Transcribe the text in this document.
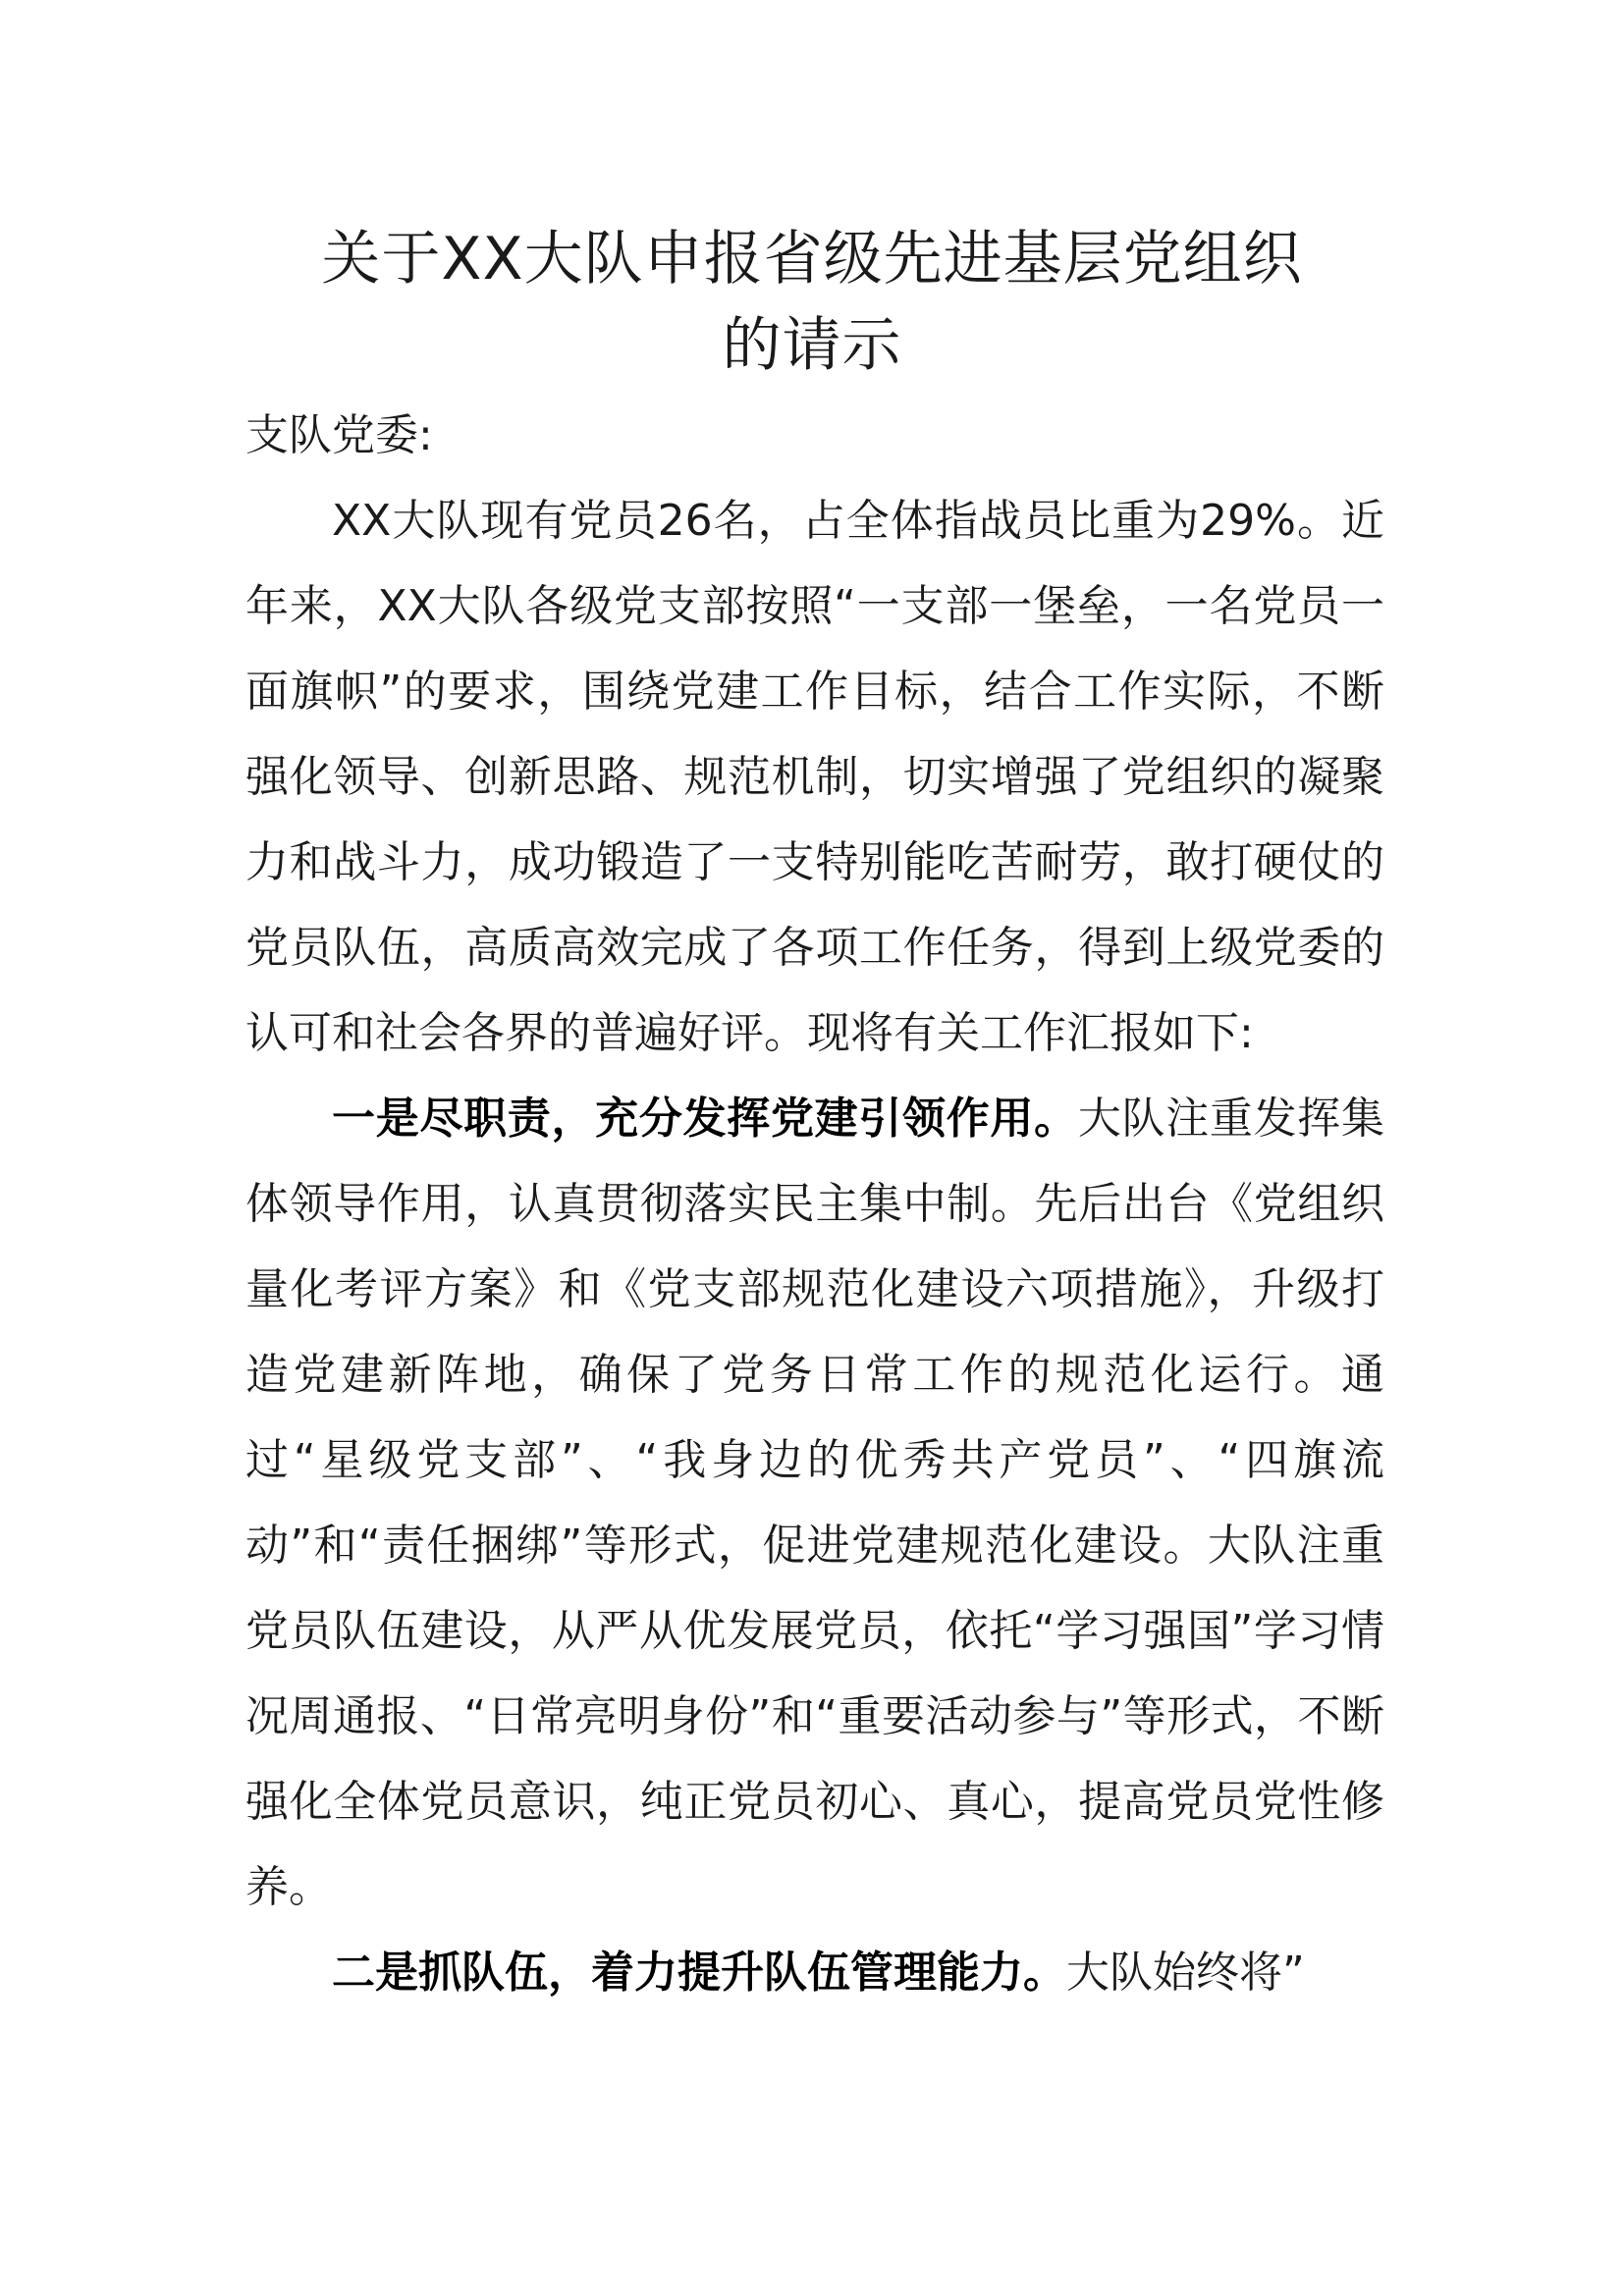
关于XX大队申报省级先进基层党组织
的请示

支队党委:

XX大队现有党员26名，占全体指战员比重为29%。近年来，XX大队各级党支部按照“一支部一堡垒，一名党员一面旗帜”的要求，围绕党建工作目标，结合工作实际，不断强化领导、创新思路、规范机制，切实增强了党组织的凝聚力和战斗力，成功锻造了一支特别能吃苦耐劳，敢打硬仗的党员队伍，高质高效完成了各项工作任务，得到上级党委的认可和社会各界的普遍好评。现将有关工作汇报如下:

一是尽职责，充分发挥党建引领作用。大队注重发挥集体领导作用，认真贯彻落实民主集中制。先后出台《党组织量化考评方案》和《党支部规范化建设六项措施》，升级打造党建新阵地，确保了党务日常工作的规范化运行。通过“星级党支部”、“我身边的优秀共产党员”、“四旗流动”和“责任捆绑”等形式，促进党建规范化建设。大队注重党员队伍建设，从严从优发展党员，依托“学习强国”学习情况周通报、“日常亮明身份”和“重要活动参与”等形式，不断强化全体党员意识，纯正党员初心、真心，提高党员党性修养。

二是抓队伍，着力提升队伍管理能力。大队始终将”
